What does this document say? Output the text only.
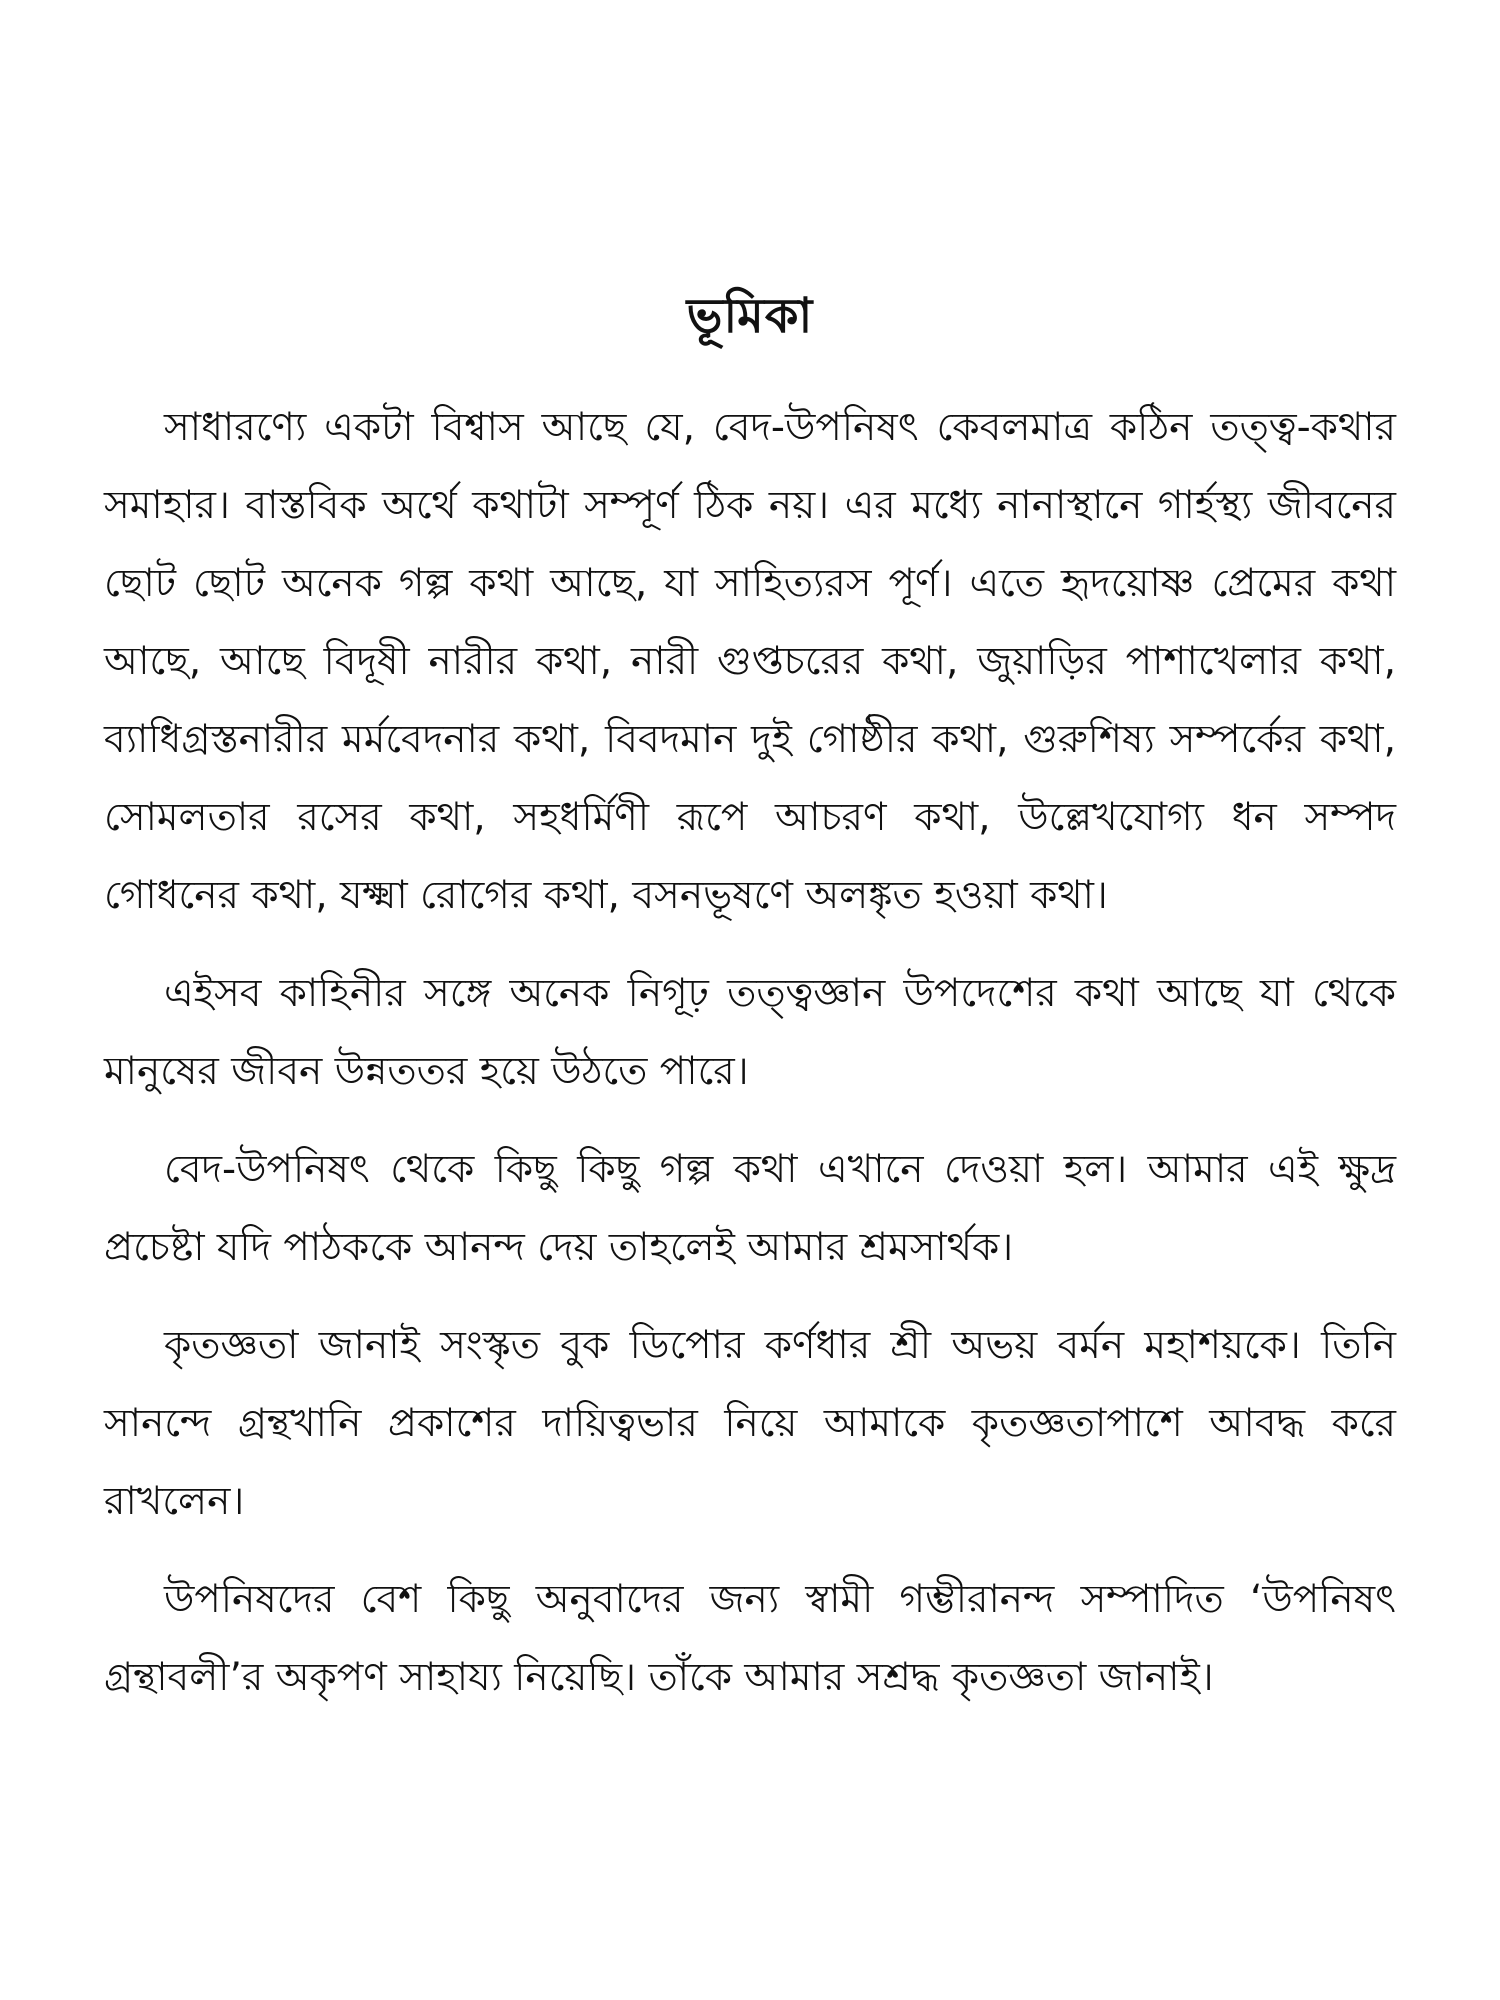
ভূমিকা

সাধারণ্যে একটা বিশ্বাস আছে যে, বেদ-উপনিষৎ কেবলমাত্র কঠিন তত্ত্ব-কথার সমাহার। বাস্তবিক অর্থে কথাটা সম্পূর্ণ ঠিক নয়। এর মধ্যে নানাস্থানে গার্হস্থ্য জীবনের ছোট ছোট অনেক গল্প কথা আছে, যা সাহিত্যরস পূর্ণ। এতে হৃদয়োষ্ণ প্রেমের কথা আছে, আছে বিদূষী নারীর কথা, নারী গুপ্তচরের কথা, জুয়াড়ির পাশাখেলার কথা, ব্যাধিগ্রস্তনারীর মর্মবেদনার কথা, বিবদমান দুই গোষ্ঠীর কথা, গুরুশিষ্য সম্পর্কের কথা, সোমলতার রসের কথা, সহধর্মিণী রূপে আচরণ কথা, উল্লেখযোগ্য ধন সম্পদ গোধনের কথা, যক্ষ্মা রোগের কথা, বসনভূষণে অলঙ্কৃত হওয়া কথা।

এইসব কাহিনীর সঙ্গে অনেক নিগূঢ় তত্ত্বজ্ঞান উপদেশের কথা আছে যা থেকে মানুষের জীবন উন্নততর হয়ে উঠতে পারে।

বেদ-উপনিষৎ থেকে কিছু কিছু গল্প কথা এখানে দেওয়া হল। আমার এই ক্ষুদ্র প্রচেষ্টা যদি পাঠককে আনন্দ দেয় তাহলেই আমার শ্রমসার্থক।

কৃতজ্ঞতা জানাই সংস্কৃত বুক ডিপোর কর্ণধার শ্রী অভয় বর্মন মহাশয়কে। তিনি সানন্দে গ্রন্থখানি প্রকাশের দায়িত্বভার নিয়ে আমাকে কৃতজ্ঞতাপাশে আবদ্ধ করে রাখলেন।

উপনিষদের বেশ কিছু অনুবাদের জন্য স্বামী গম্ভীরানন্দ সম্পাদিত ‘উপনিষৎ গ্রন্থাবলী’র অকৃপণ সাহায্য নিয়েছি। তাঁকে আমার সশ্রদ্ধ কৃতজ্ঞতা জানাই।
